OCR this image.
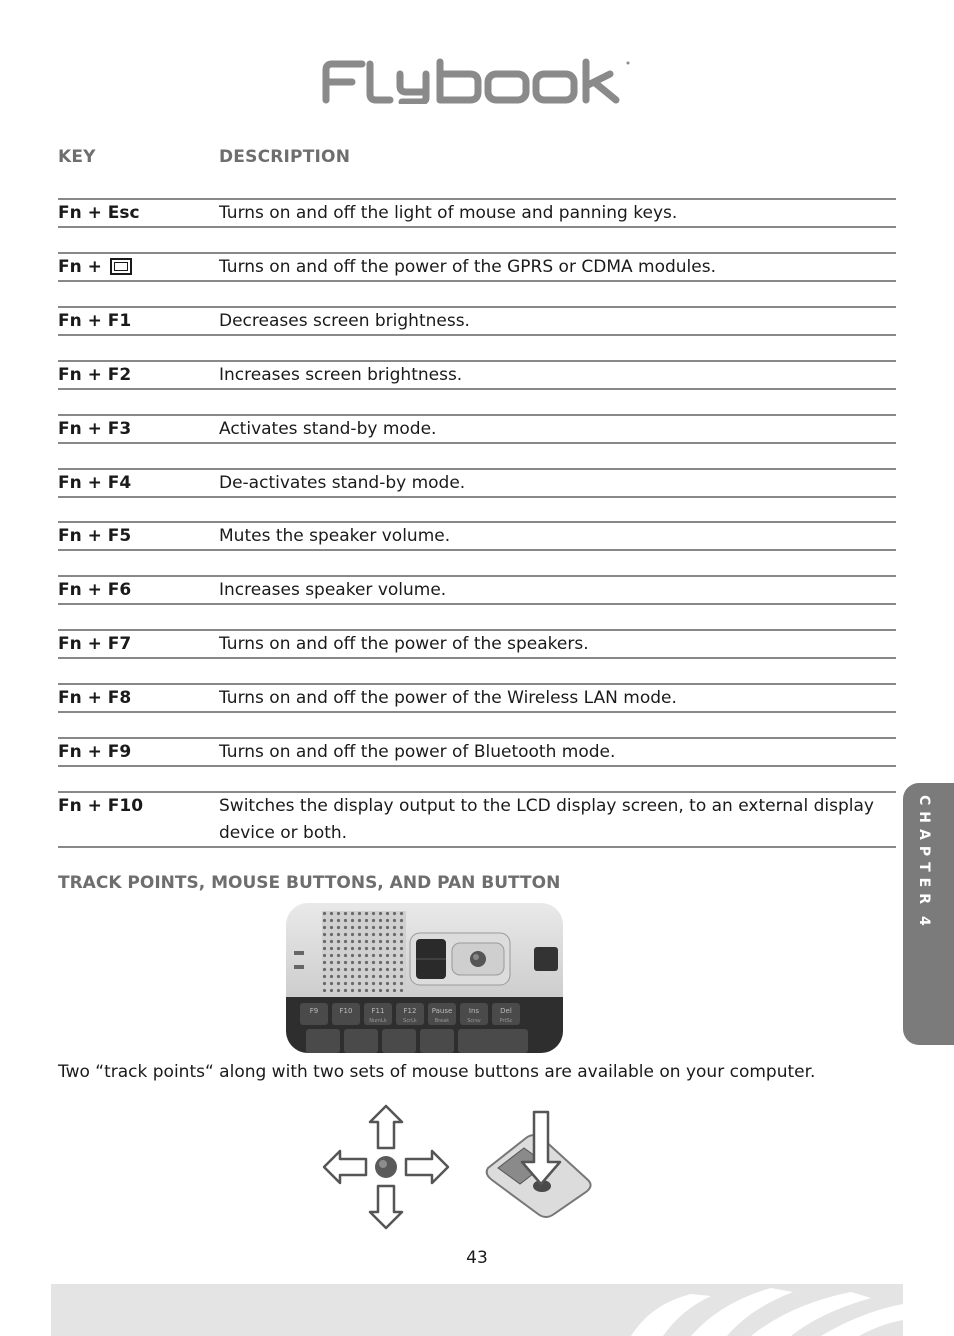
KEY	DESCRIPTION
Fn + Esc	Turns on and off the light of mouse and panning keys.
Fn +	Turns on and off the power of the GPRS or CDMA modules.
Fn + F1	Decreases screen brightness.
Fn + F2	Increases screen brightness.
Fn + F3	Activates stand-by mode.
Fn + F4	De-activates stand-by mode.
Fn + F5	Mutes the speaker volume.
Fn + F6	Increases speaker volume.
Fn + F7	Turns on and off the power of the speakers.
Fn + F8	Turns on and off the power of the Wireless LAN mode.
Fn + F9	Turns on and off the power of Bluetooth mode.
Fn + F10	Switches the display output to the LCD display screen, to an external display device or both.
TRACK POINTS, MOUSE BUTTONS, AND PAN BUTTON
F9	F10	F11	F12 Pause Ins	Del
NumLk	ScrLk	Break	Scrsv	PrtSc
Two “track points“ along with two sets of mouse buttons are available on your computer.
43
CHAPTER
4
